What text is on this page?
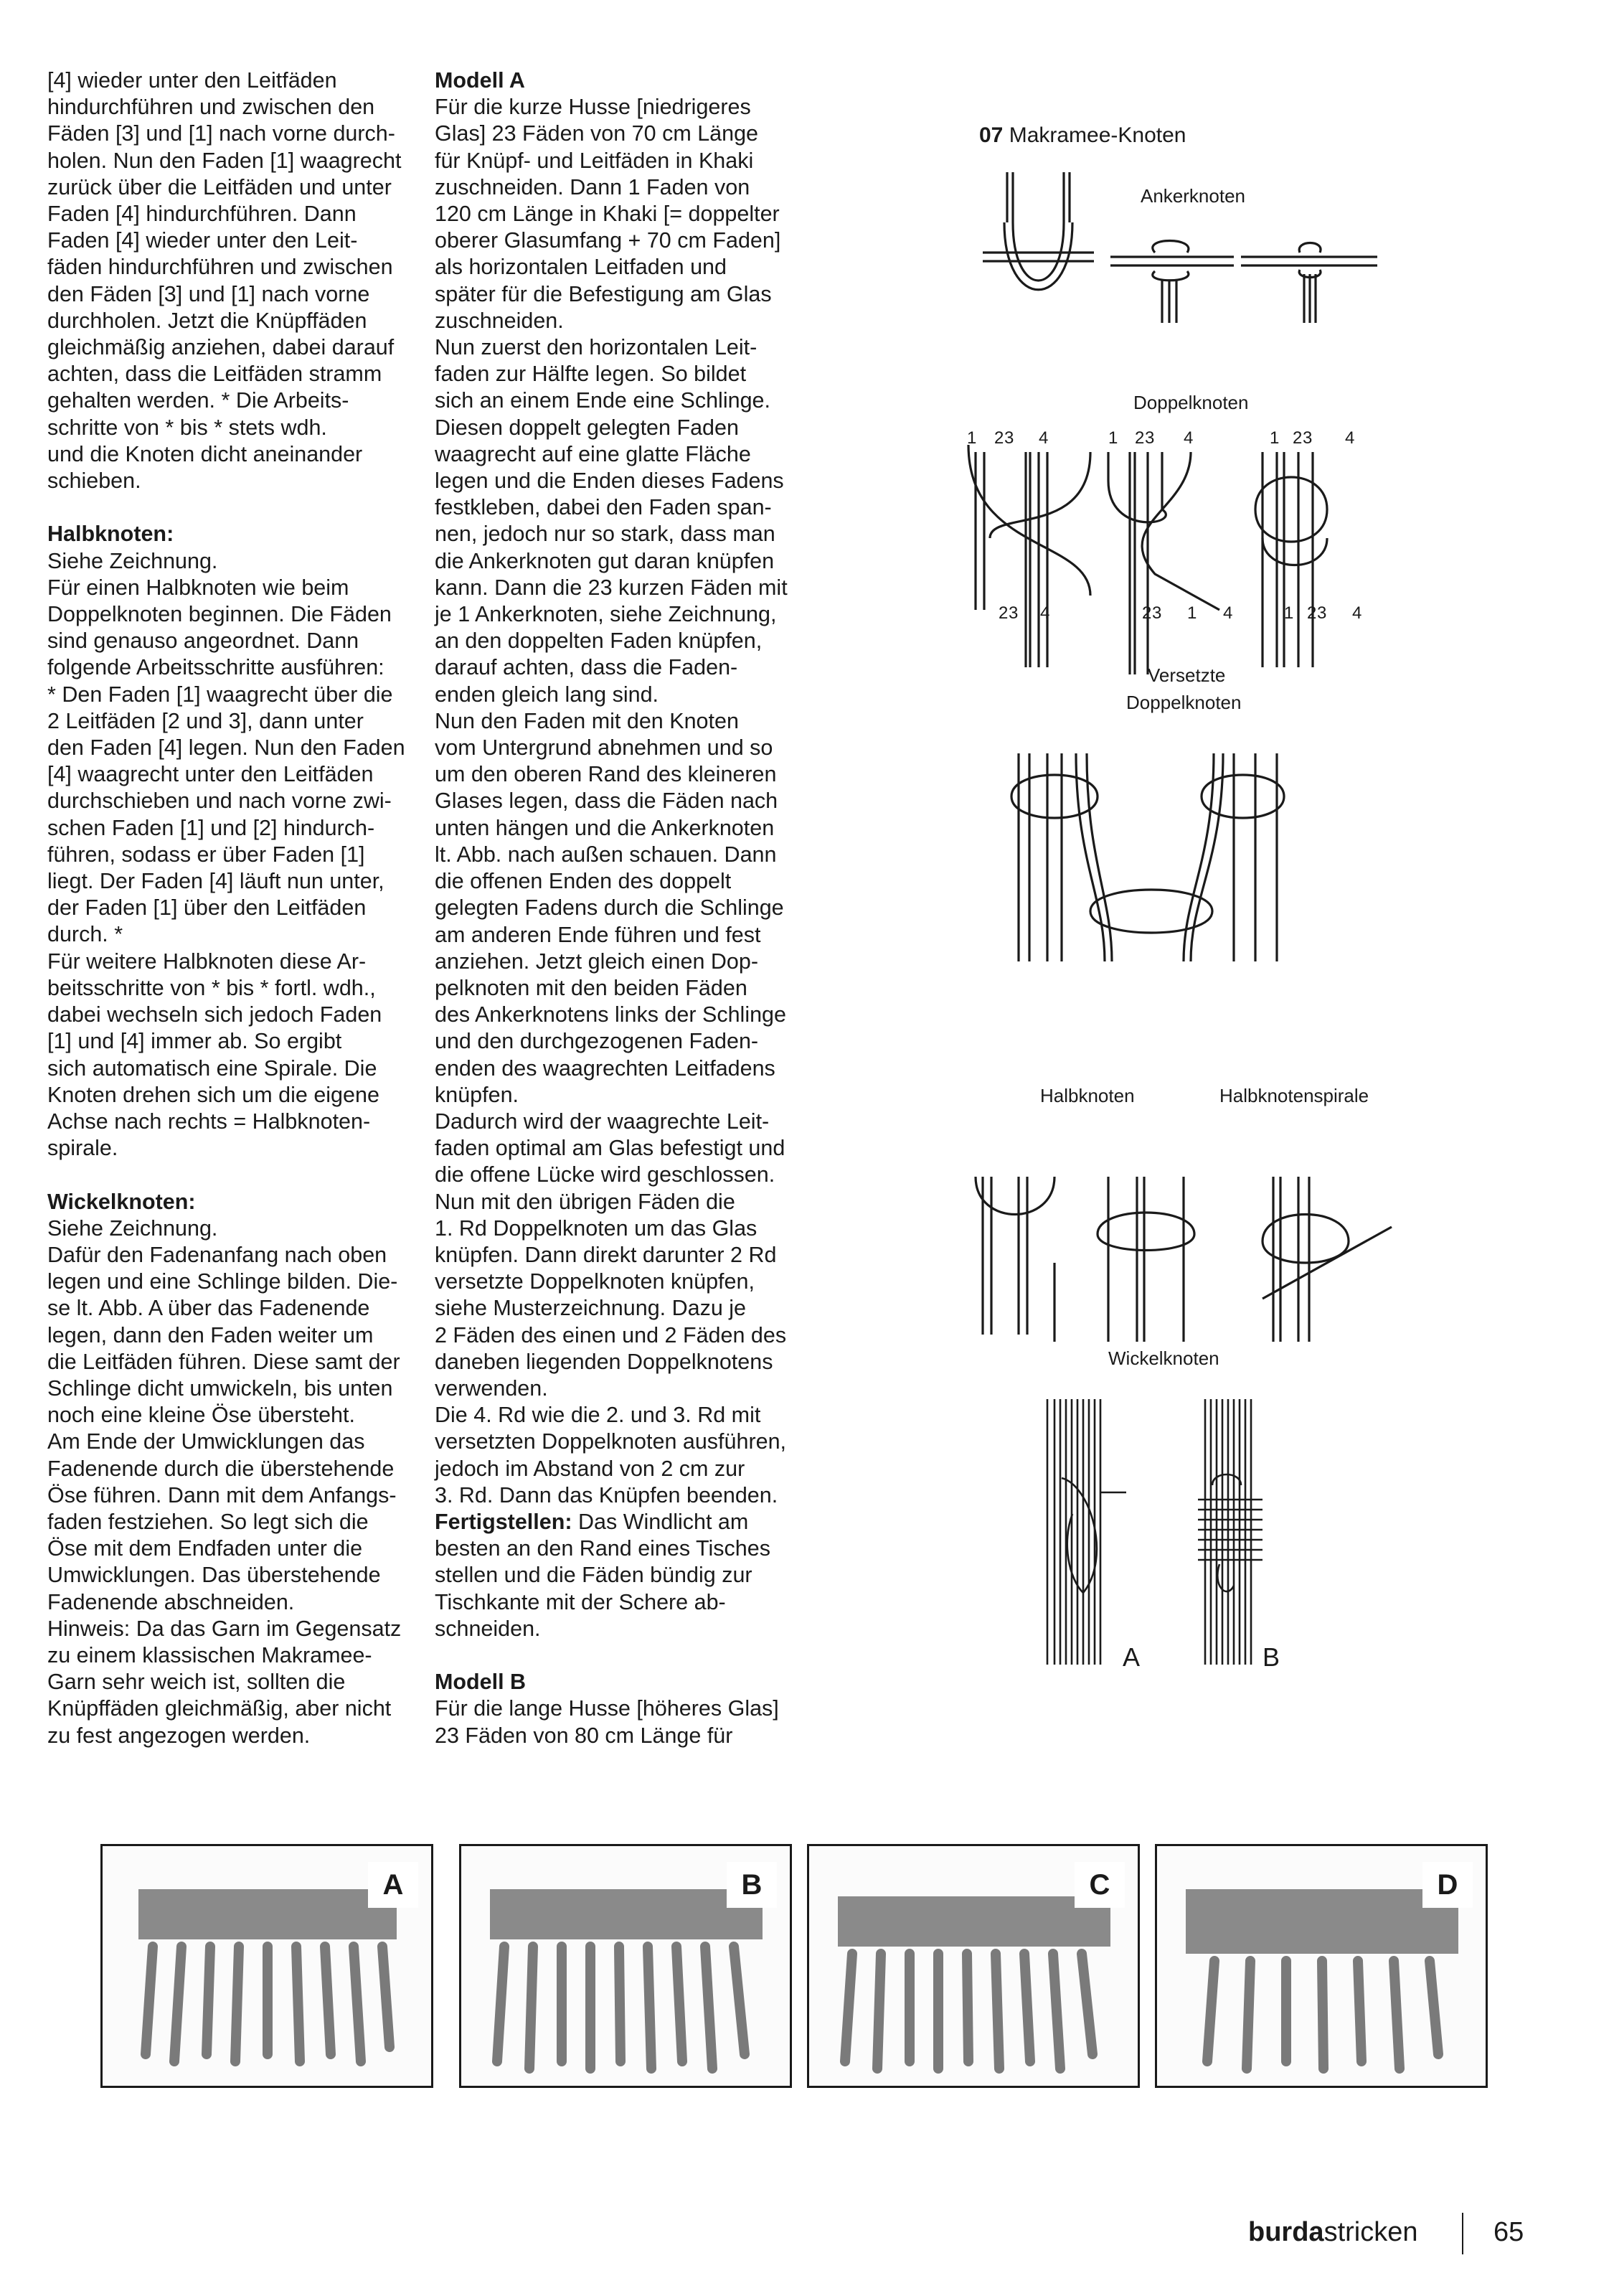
[4] wieder unter den Leitfäden
hindurchführen und zwischen den
Fäden [3] und [1] nach vorne durch-
holen. Nun den Faden [1] waagrecht
zurück über die Leitfäden und unter
Faden [4] hindurchführen. Dann
Faden [4] wieder unter den Leit-
fäden hindurchführen und zwischen
den Fäden [3] und [1] nach vorne
durchholen. Jetzt die Knüpffäden
gleichmäßig anziehen, dabei darauf
achten, dass die Leitfäden stramm
gehalten werden. * Die Arbeits-
schritte von * bis * stets wdh.
und die Knoten dicht aneinander
schieben.

Halbknoten:

Siehe Zeichnung.
Für einen Halbknoten wie beim
Doppelknoten beginnen. Die Fäden
sind genauso angeordnet. Dann
folgende Arbeitsschritte ausführen:
* Den Faden [1] waagrecht über die
2 Leitfäden [2 und 3], dann unter
den Faden [4] legen. Nun den Faden
[4] waagrecht unter den Leitfäden
durchschieben und nach vorne zwi-
schen Faden [1] und [2] hindurch-
führen, sodass er über Faden [1]
liegt. Der Faden [4] läuft nun unter,
der Faden [1] über den Leitfäden
durch. *
Für weitere Halbknoten diese Ar-
beitsschritte von * bis * fortl. wdh.,
dabei wechseln sich jedoch Faden
[1] und [4] immer ab. So ergibt
sich automatisch eine Spirale. Die
Knoten drehen sich um die eigene
Achse nach rechts = Halbknoten-
spirale.

Wickelknoten:

Siehe Zeichnung.
Dafür den Fadenanfang nach oben
legen und eine Schlinge bilden. Die-
se lt. Abb. A über das Fadenende
legen, dann den Faden weiter um
die Leitfäden führen. Diese samt der
Schlinge dicht umwickeln, bis unten
noch eine kleine Öse übersteht.
Am Ende der Umwicklungen das
Fadenende durch die überstehende
Öse führen. Dann mit dem Anfangs-
faden festziehen. So legt sich die
Öse mit dem Endfaden unter die
Umwicklungen. Das überstehende
Fadenende abschneiden.
Hinweis: Da das Garn im Gegensatz
zu einem klassischen Makramee-
Garn sehr weich ist, sollten die
Knüpffäden gleichmäßig, aber nicht
zu fest angezogen werden.

Modell A

Für die kurze Husse [niedrigeres
Glas] 23 Fäden von 70 cm Länge
für Knüpf- und Leitfäden in Khaki
zuschneiden. Dann 1 Faden von
120 cm Länge in Khaki [= doppelter
oberer Glasumfang + 70 cm Faden]
als horizontalen Leitfaden und
später für die Befestigung am Glas
zuschneiden.
Nun zuerst den horizontalen Leit-
faden zur Hälfte legen. So bildet
sich an einem Ende eine Schlinge.
Diesen doppelt gelegten Faden
waagrecht auf eine glatte Fläche
legen und die Enden dieses Fadens
festkleben, dabei den Faden span-
nen, jedoch nur so stark, dass man
die Ankerknoten gut daran knüpfen
kann. Dann die 23 kurzen Fäden mit
je 1 Ankerknoten, siehe Zeichnung,
an den doppelten Faden knüpfen,
darauf achten, dass die Faden-
enden gleich lang sind.
Nun den Faden mit den Knoten
vom Untergrund abnehmen und so
um den oberen Rand des kleineren
Glases legen, dass die Fäden nach
unten hängen und die Ankerknoten
lt. Abb. nach außen schauen. Dann
die offenen Enden des doppelt
gelegten Fadens durch die Schlinge
am anderen Ende führen und fest
anziehen. Jetzt gleich einen Dop-
pelknoten mit den beiden Fäden
des Ankerknotens links der Schlinge
und den durchgezogenen Faden-
enden des waagrechten Leitfadens
knüpfen.
Dadurch wird der waagrechte Leit-
faden optimal am Glas befestigt und
die offene Lücke wird geschlossen.
Nun mit den übrigen Fäden die
1. Rd Doppelknoten um das Glas
knüpfen. Dann direkt darunter 2 Rd
versetzte Doppelknoten knüpfen,
siehe Musterzeichnung. Dazu je
2 Fäden des einen und 2 Fäden des
daneben liegenden Doppelknotens
verwenden.
Die 4. Rd wie die 2. und 3. Rd mit
versetzten Doppelknoten ausführen,
jedoch im Abstand von 2 cm zur
3. Rd. Dann das Knüpfen beenden.

Fertigstellen: Das Windlicht am
besten an den Rand eines Tisches
stellen und die Fäden bündig zur
Tischkante mit der Schere ab-
schneiden.

Modell B

Für die lange Husse [höheres Glas]
23 Fäden von 80 cm Länge für

07 Makramee-Knoten
Ankerknoten
Doppelknoten
Versetzte
Doppelknoten
Halbknoten	Halbknotenspirale
Wickelknoten
A	B
1 2 3 4	1 2 3 4	1 2 3 4
2 3 4	2 3 1 4	1 2 3 4
A	B	C	D
burdastricken	65
